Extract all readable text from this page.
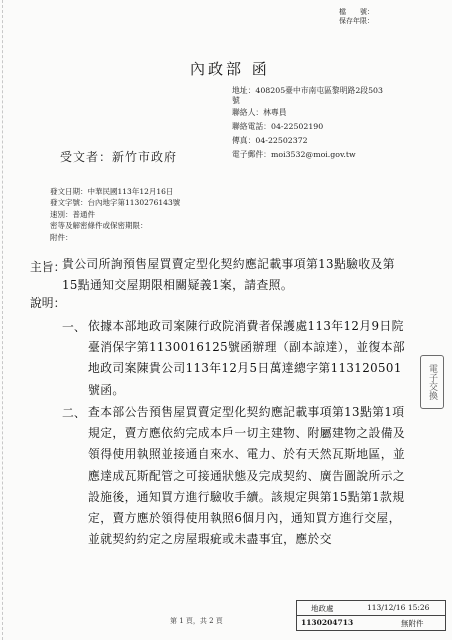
檔　　號：
保存年限：
內政部 函
地址：408205臺中市南屯區黎明路2段503
號
聯絡人：林專員
聯絡電話：04-22502190
傳真：04-22502372
電子郵件：moi3532@moi.gov.tw
受文者：新竹市政府
發文日期：中華民國113年12月16日
發文字號：台內地字第1130276143號
速別：普通件
密等及解密條件或保密期限：
附件：
主旨：
貴公司所詢預售屋買賣定型化契約應記載事項第13點驗收及第15點通知交屋期限相關疑義1案，請查照。
說明：
一、 依據本部地政司案陳行政院消費者保護處113年12月9日院臺消保字第1130016125號函辦理（副本諒達），並復本部地政司案陳貴公司113年12月5日萬達總字第113120501號函。
二、 查本部公告預售屋買賣定型化契約應記載事項第13點第1項規定，賣方應依約完成本戶一切主建物、附屬建物之設備及領得使用執照並接通自來水、電力、於有天然瓦斯地區，並應達成瓦斯配管之可接通狀態及完成契約、廣告圖說所示之設施後，通知買方進行驗收手續。該規定與第15點第1款規定，賣方應於領得使用執照6個月內，通知買方進行交屋，並就契約約定之房屋瑕疵或未盡事宜，應於交
電子交換
第 1 頁，共 2 頁
地政處	113/12/16 15:26
1130204713	無附件
